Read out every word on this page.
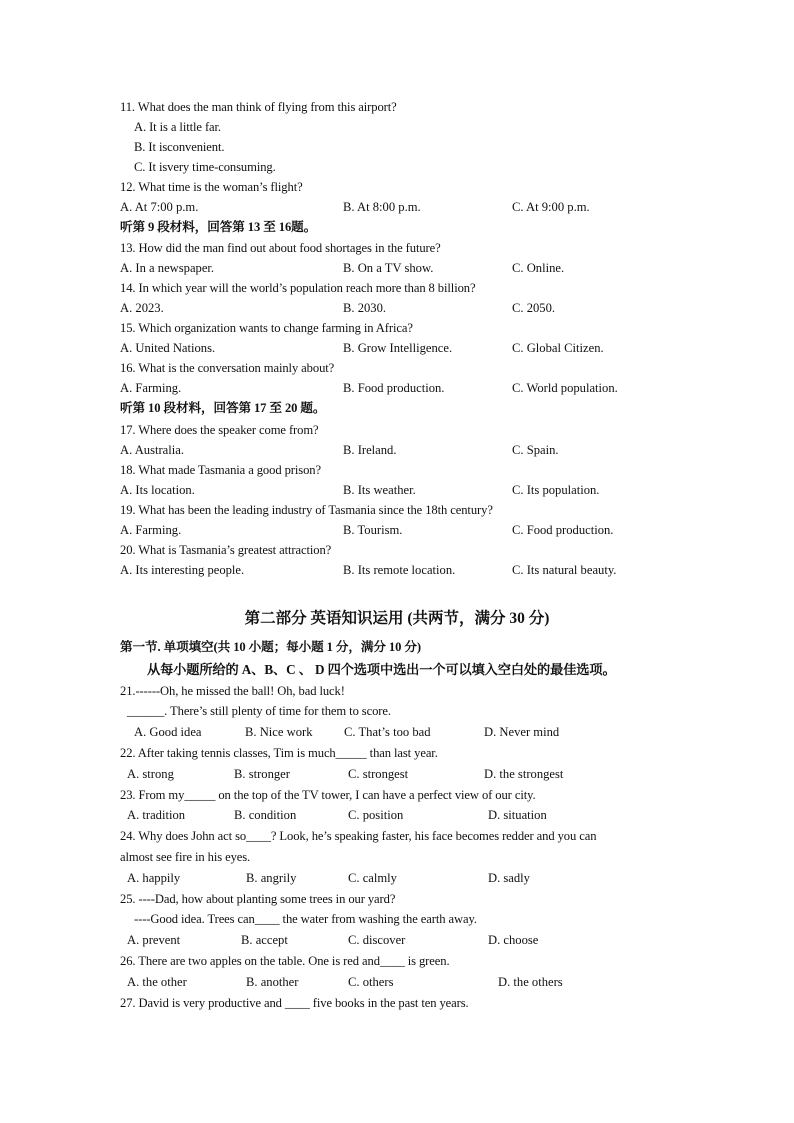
11. What does the man think of flying from this airport?
A. It is a little far.
B. It isconvenient.
C. It isvery time-consuming.
12. What time is the woman’s flight?
A. At 7:00 p.m.	B. At 8:00 p.m.	C. At 9:00 p.m.
听第 9 段材料，回答第 13 至 16题。
13. How did the man find out about food shortages in the future?
A. In a newspaper.	B. On a TV show.	C. Online.
14. In which year will the world’s population reach more than 8 billion?
A. 2023.	B. 2030.	C. 2050.
15. Which organization wants to change farming in Africa?
A. United Nations.	B. Grow Intelligence.	C. Global Citizen.
16. What is the conversation mainly about?
A. Farming.	B. Food production.	C. World population.
听第 10 段材料，回答第 17 至 20 题。
17. Where does the speaker come from?
A. Australia.	B. Ireland.	C. Spain.
18. What made Tasmania a good prison?
A. Its location.	B. Its weather.	C. Its population.
19. What has been the leading industry of Tasmania since the 18th century?
A. Farming.	B. Tourism.	C. Food production.
20. What is Tasmania’s greatest attraction?
A. Its interesting people.	B. Its remote location.	C. Its natural beauty.
第二部分 英语知识运用 (共两节，满分 30 分)
第一节. 单项填空(共 10 小题；每小题 1 分，满分 10 分)
从每小题所给的 A、B、C 、 D 四个选项中选出一个可以填入空白处的最佳选项。
21.------Oh, he missed the ball! Oh, bad luck!
______. There’s still plenty of time for them to score.
A. Good idea	B. Nice work C. That’s too bad	D. Never mind
22. After taking tennis classes, Tim is much_____ than last year.
A. strong	B. stronger	C. strongest	D. the strongest
23. From my_____ on the top of the TV tower, I can have a perfect view of our city.
A. tradition	B. condition	C. position	D. situation
24. Why does John act so____? Look, he’s speaking faster, his face becomes redder and you can
almost see fire in his eyes.
A. happily	B. angrily	C. calmly	D. sadly
25. ----Dad, how about planting some trees in our yard?
----Good idea. Trees can____ the water from washing the earth away.
A. prevent	B. accept	C. discover	D. choose
26. There are two apples on the table. One is red and____ is green.
A. the other	B. another	C. others	D. the others
27. David is very productive and ____ five books in the past ten years.
